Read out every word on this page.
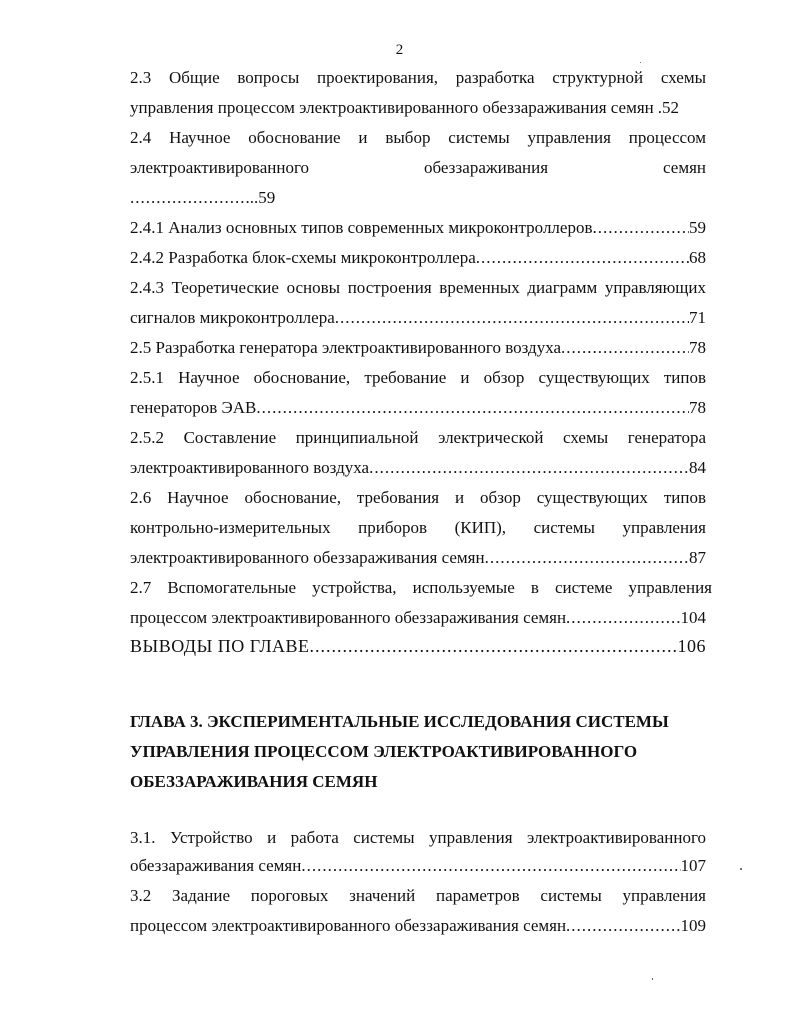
2
2.3 Общие вопросы проектирования, разработка структурной схемы
управления процессом электроактивированного обеззараживания семян .52
2.4 Научное обоснование и выбор системы управления процессом
электроактивированного обеззараживания семян
.........................59
2.4.1 Анализ основных типов современных микроконтроллеров .....	59
2.4.2 Разработка блок-схемы микроконтроллера .....	68
2.4.3 Теоретические основы построения временных диаграмм управляющих
сигналов микроконтроллера .....	71
2.5 Разработка генератора электроактивированного воздуха .....	78
2.5.1 Научное обоснование, требование и обзор существующих типов
генераторов ЭАВ .....	78
2.5.2 Составление принципиальной электрической схемы генератора
электроактивированного воздуха .....	84
2.6 Научное обоснование, требования и обзор существующих типов
контрольно-измерительных приборов (КИП), системы управления
электроактивированного обеззараживания семян .....	87
2.7 Вспомогательные устройства, используемые в системе управления
процессом электроактивированного обеззараживания семян .....	104
ВЫВОДЫ ПО ГЛАВЕ .....	106
ГЛАВА 3. ЭКСПЕРИМЕНТАЛЬНЫЕ ИССЛЕДОВАНИЯ СИСТЕМЫ
УПРАВЛЕНИЯ ПРОЦЕССОМ ЭЛЕКТРОАКТИВИРОВАННОГО
ОБЕЗЗАРАЖИВАНИЯ СЕМЯН
3.1. Устройство и работа системы управления электроактивированного
обеззараживания семян .....	107
3.2 Задание пороговых значений параметров системы управления
процессом электроактивированного обеззараживания семян .....	109
